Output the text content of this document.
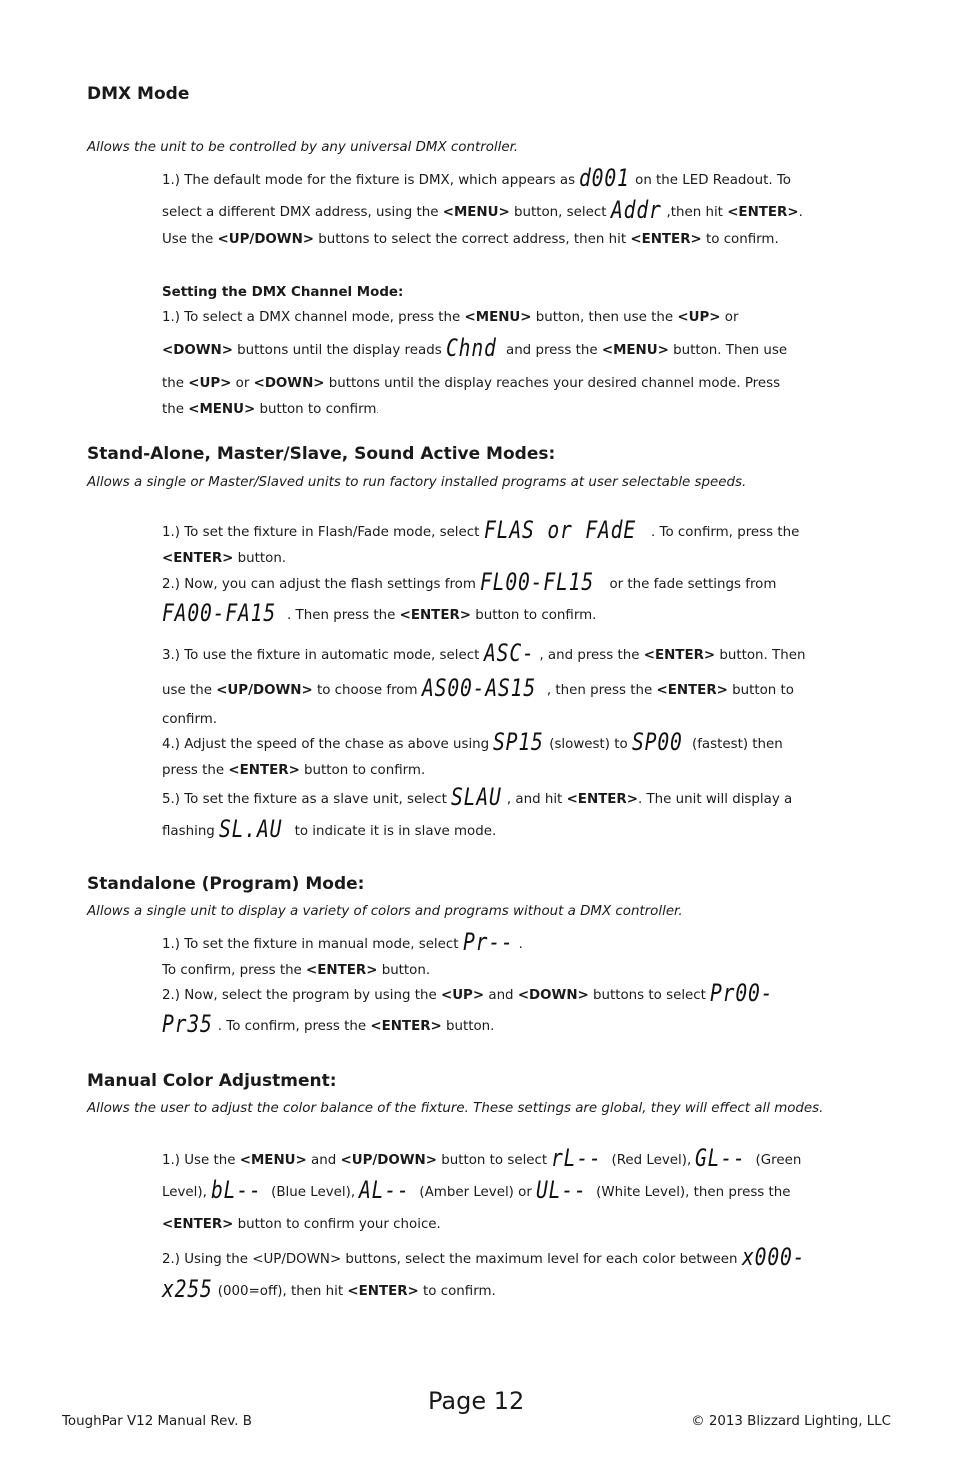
DMX Mode

Allows the unit to be controlled by any universal DMX controller.

1.) The default mode for the fixture is DMX, which appears as d001 on the LED Readout. To
select a different DMX address, using the <MENU> button, select Addr ,then hit <ENTER>.
Use the <UP/DOWN> buttons to select the correct address, then hit <ENTER> to confirm.

Setting the DMX Channel Mode:

1.) To select a DMX channel mode, press the <MENU> button, then use the <UP> or
<DOWN> buttons until the display reads Chnd and press the <MENU> button. Then use
the <UP> or <DOWN> buttons until the display reaches your desired channel mode. Press
the <MENU> button to confirm.

Stand-Alone, Master/Slave, Sound Active Modes:

Allows a single or Master/Slaved units to run factory installed programs at user selectable speeds.

1.) To set the fixture in Flash/Fade mode, select FLAS or FAdE . To confirm, press the
<ENTER> button.

2.) Now, you can adjust the flash settings from FL00-FL15 or the fade settings from
FA00-FA15 . Then press the <ENTER> button to confirm.

3.) To use the fixture in automatic mode, select ASC- , and press the <ENTER> button. Then
use the <UP/DOWN> to choose from AS00-AS15 , then press the <ENTER> button to
confirm.

4.) Adjust the speed of the chase as above using SP15 (slowest) to SP00 (fastest) then
press the <ENTER> button to confirm.

5.) To set the fixture as a slave unit, select SLAU , and hit <ENTER>. The unit will display a
flashing SL.AU to indicate it is in slave mode.

Standalone (Program) Mode:

Allows a single unit to display a variety of colors and programs without a DMX controller.

1.) To set the fixture in manual mode, select Pr-- .
To confirm, press the <ENTER> button.

2.) Now, select the program by using the <UP> and <DOWN> buttons to select Pr00-
Pr35 . To confirm, press the <ENTER> button.

Manual Color Adjustment:

Allows the user to adjust the color balance of the fixture. These settings are global, they will effect all modes.

1.) Use the <MENU> and <UP/DOWN> button to select rL-- (Red Level), GL-- (Green
Level), bL-- (Blue Level), AL-- (Amber Level) or UL-- (White Level), then press the
<ENTER> button to confirm your choice.

2.) Using the <UP/DOWN> buttons, select the maximum level for each color between x000-
x255 (000=off), then hit <ENTER> to confirm.

Page 12
ToughPar V12 Manual Rev. B	© 2013 Blizzard Lighting, LLC
